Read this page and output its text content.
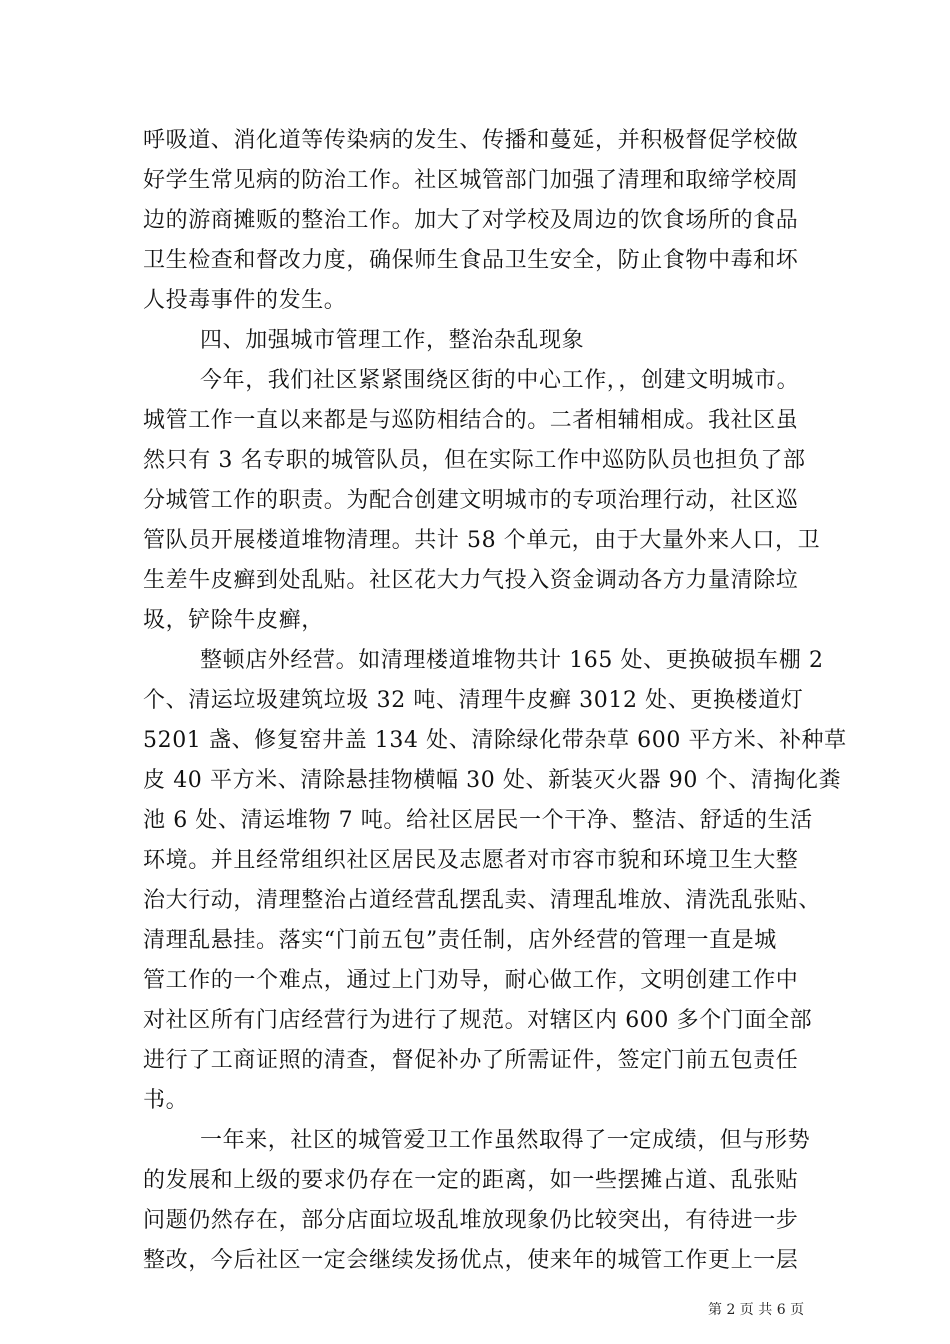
呼吸道、消化道等传染病的发生、传播和蔓延，并积极督促学校做
好学生常见病的防治工作。社区城管部门加强了清理和取缔学校周
边的游商摊贩的整治工作。加大了对学校及周边的饮食场所的食品
卫生检查和督改力度，确保师生食品卫生安全，防止食物中毒和坏
人投毒事件的发生。
四、加强城市管理工作，整治杂乱现象
今年，我们社区紧紧围绕区街的中心工作，，创建文明城市。
城管工作一直以来都是与巡防相结合的。二者相辅相成。我社区虽
然只有 3 名专职的城管队员，但在实际工作中巡防队员也担负了部
分城管工作的职责。为配合创建文明城市的专项治理行动，社区巡
管队员开展楼道堆物清理。共计 58 个单元，由于大量外来人口，卫
生差牛皮癣到处乱贴。社区花大力气投入资金调动各方力量清除垃
圾，铲除牛皮癣，
整顿店外经营。如清理楼道堆物共计 165 处、更换破损车棚 2
个、清运垃圾建筑垃圾 32 吨、清理牛皮癣 3012 处、更换楼道灯
5201 盏、修复窑井盖 134 处、清除绿化带杂草 600 平方米、补种草
皮 40 平方米、清除悬挂物横幅 30 处、新装灭火器 90 个、清掏化粪
池 6 处、清运堆物 7 吨。给社区居民一个干净、整洁、舒适的生活
环境。并且经常组织社区居民及志愿者对市容市貌和环境卫生大整
治大行动，清理整治占道经营乱摆乱卖、清理乱堆放、清洗乱张贴、
清理乱悬挂。落实“门前五包”责任制，店外经营的管理一直是城
管工作的一个难点，通过上门劝导，耐心做工作，文明创建工作中
对社区所有门店经营行为进行了规范。对辖区内 600 多个门面全部
进行了工商证照的清查，督促补办了所需证件，签定门前五包责任
书。
一年来，社区的城管爱卫工作虽然取得了一定成绩，但与形势
的发展和上级的要求仍存在一定的距离，如一些摆摊占道、乱张贴
问题仍然存在，部分店面垃圾乱堆放现象仍比较突出，有待进一步
整改，今后社区一定会继续发扬优点，使来年的城管工作更上一层
第 2 页 共 6 页
